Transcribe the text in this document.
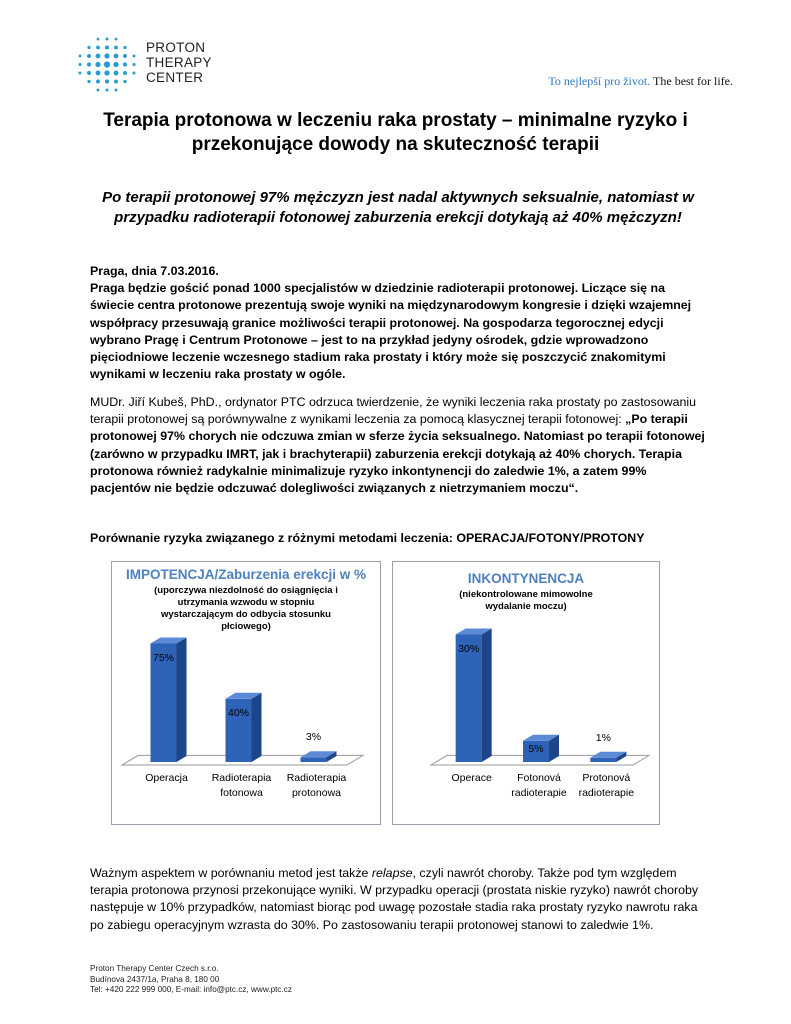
PROTON
THERAPY
CENTER	To nejlepší pro život. The best for life.
Terapia protonowa w leczeniu raka prostaty – minimalne ryzyko i przekonujące dowody na skuteczność terapii
Po terapii protonowej 97% mężczyzn jest nadal aktywnych seksualnie, natomiast w przypadku radioterapii fotonowej zaburzenia erekcji dotykają aż 40% mężczyzn!
Praga, dnia 7.03.2016.
Praga będzie gościć ponad 1000 specjalistów w dziedzinie radioterapii protonowej. Liczące się na świecie centra protonowe prezentują swoje wyniki na międzynarodowym kongresie i dzięki wzajemnej współpracy przesuwają granice możliwości terapii protonowej. Na gospodarza tegorocznej edycji wybrano Pragę i Centrum Protonowe – jest to na przykład jedyny ośrodek, gdzie wprowadzono pięciodniowe leczenie wczesnego stadium raka prostaty i który może się poszczycić znakomitymi wynikami w leczeniu raka prostaty w ogóle.
MUDr. Jiří Kubeš, PhD., ordynator PTC odrzuca twierdzenie, że wyniki leczenia raka prostaty po zastosowaniu terapii protonowej są porównywalne z wynikami leczenia za pomocą klasycznej terapii fotonowej: „Po terapii protonowej 97% chorych nie odczuwa zmian w sferze życia seksualnego. Natomiast po terapii fotonowej (zarówno w przypadku IMRT, jak i brachyterapii) zaburzenia erekcji dotykają aż 40% chorych. Terapia protonowa również radykalnie minimalizuje ryzyko inkontynencji do zaledwie 1%, a zatem 99% pacjentów nie będzie odczuwać dolegliwości związanych z nietrzymaniem moczu“.
Porównanie ryzyka związanego z różnymi metodami leczenia: OPERACJA/FOTONY/PROTONY
IMPOTENCJA/Zaburzenia erekcji w %
(uporczywa niezdolność do osiągnięcia i utrzymania wzwodu w stopniu wystarczającym do odbycia stosunku płciowego)
75%
Operacja
40%
Radioterapia fotonowa
3%
Radioterapia protonowa
INKONTYNENCJA
(niekontrolowane mimowolne wydalanie moczu)
30%
Operace
5%
Fotonová radioterapie
1%
Protonová radioterapie
Ważnym aspektem w porównaniu metod jest także relapse, czyli nawrót choroby. Także pod tym względem terapia protonowa przynosi przekonujące wyniki. W przypadku operacji (prostata niskie ryzyko) nawrót choroby następuje w 10% przypadków, natomiast biorąc pod uwagę pozostałe stadia raka prostaty ryzyko nawrotu raka po zabiegu operacyjnym wzrasta do 30%. Po zastosowaniu terapii protonowej stanowi to zaledwie 1%.
Proton Therapy Center Czech s.r.o.
Budínova 2437/1a, Praha 8, 180 00
Tel: +420 222 999 000, E-mail: info@ptc.cz, www.ptc.cz
